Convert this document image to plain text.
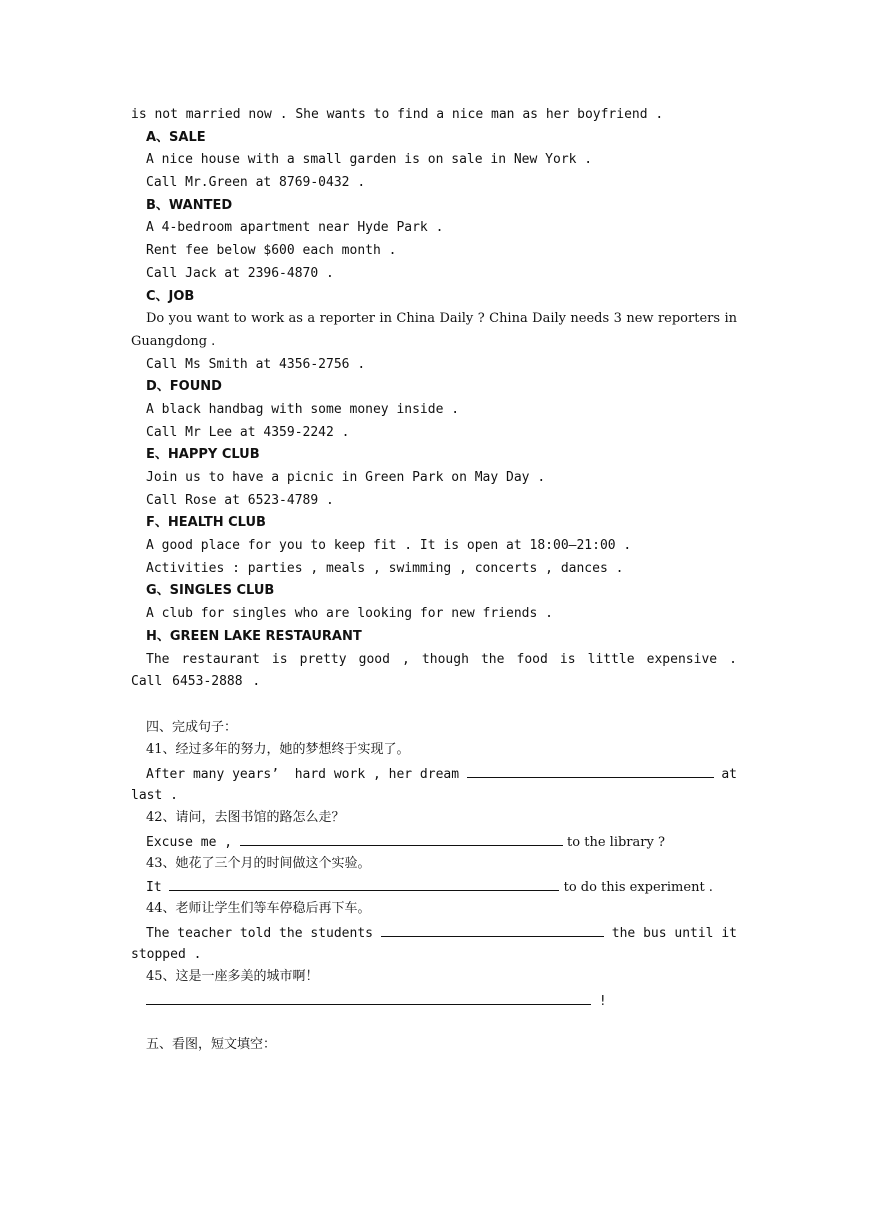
is not married now . She wants to find a nice man as her boyfriend .
A、SALE
A nice house with a small garden is on sale in New York .
Call Mr.Green at 8769-0432 .
B、WANTED
A 4-bedroom apartment near Hyde Park .
Rent fee below $600 each month .
Call Jack at 2396-4870 .
C、JOB
Do you want to work as a reporter in China Daily ? China Daily needs 3 new reporters in Guangdong .
Call Ms Smith at 4356-2756 .
D、FOUND
A black handbag with some money inside .
Call Mr Lee at 4359-2242 .
E、HAPPY CLUB
Join us to have a picnic in Green Park on May Day .
Call Rose at 6523-4789 .
F、HEALTH CLUB
A good place for you to keep fit . It is open at 18:00—21:00 .
Activities : parties , meals , swimming , concerts , dances .
G、SINGLES CLUB
A club for singles who are looking for new friends .
H、GREEN LAKE RESTAURANT
The restaurant is pretty good , though the food is little expensive . Call 6453-2888 .
四、完成句子：
41、经过多年的努力，她的梦想终于实现了。
After many years’  hard work , her dream	at
last .
42、请问，去图书馆的路怎么走？
Excuse me ,	to the library ?
43、她花了三个月的时间做这个实验。
It	to do this experiment .
44、老师让学生们等车停稳后再下车。
The teacher told the students	the bus until it
stopped .
45、这是一座多美的城市啊！
!
五、看图，短文填空：
